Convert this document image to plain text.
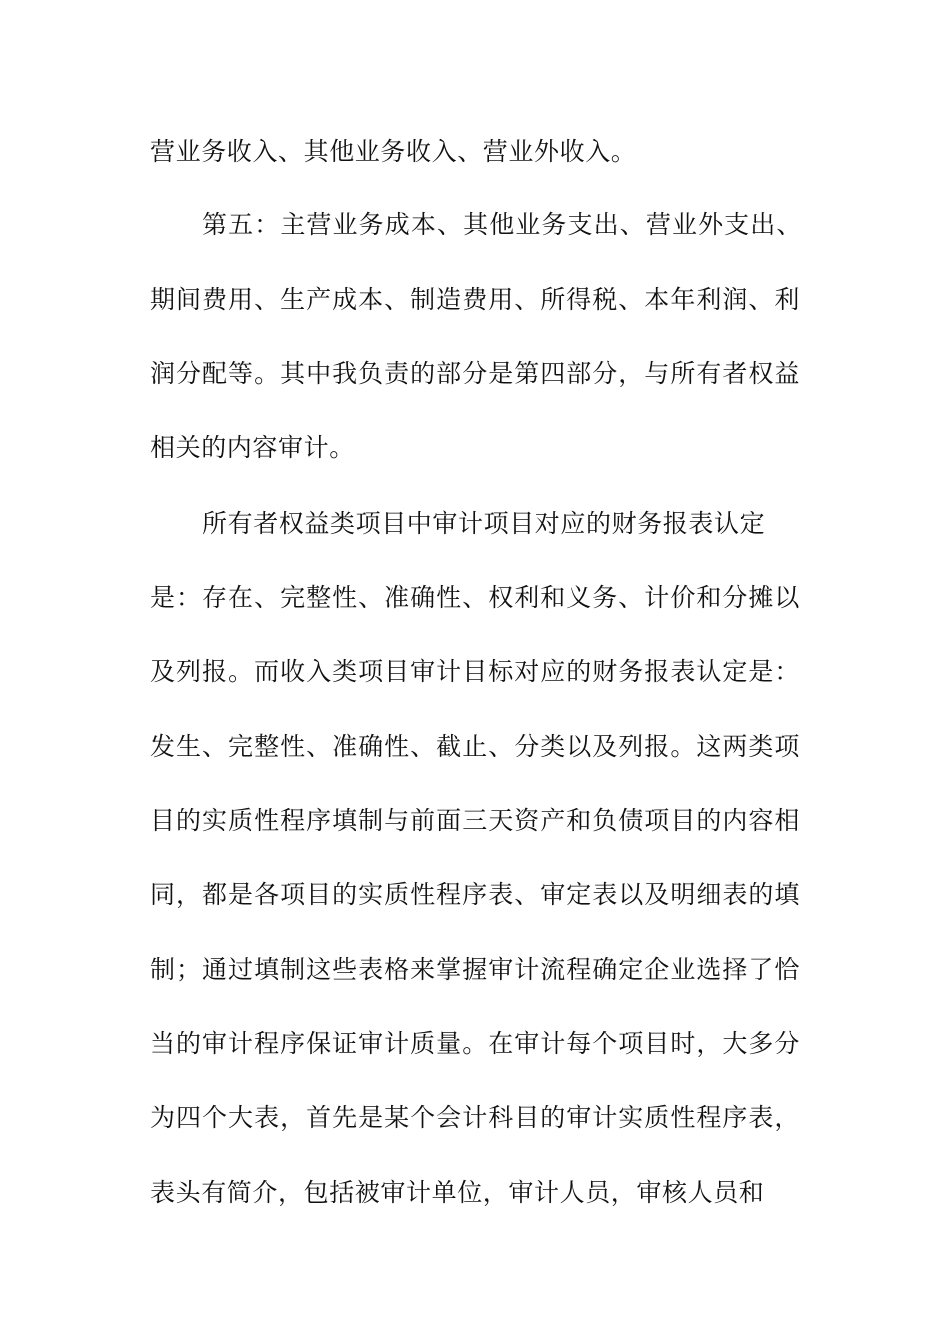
营业务收入、其他业务收入、营业外收入。
第五：主营业务成本、其他业务支出、营业外支出、
期间费用、生产成本、制造费用、所得税、本年利润、利
润分配等。其中我负责的部分是第四部分，与所有者权益
相关的内容审计。
所有者权益类项目中审计项目对应的财务报表认定
是：存在、完整性、准确性、权利和义务、计价和分摊以
及列报。而收入类项目审计目标对应的财务报表认定是：
发生、完整性、准确性、截止、分类以及列报。这两类项
目的实质性程序填制与前面三天资产和负债项目的内容相
同，都是各项目的实质性程序表、审定表以及明细表的填
制；通过填制这些表格来掌握审计流程确定企业选择了恰
当的审计程序保证审计质量。在审计每个项目时，大多分
为四个大表，首先是某个会计科目的审计实质性程序表，
表头有简介，包括被审计单位，审计人员，审核人员和
